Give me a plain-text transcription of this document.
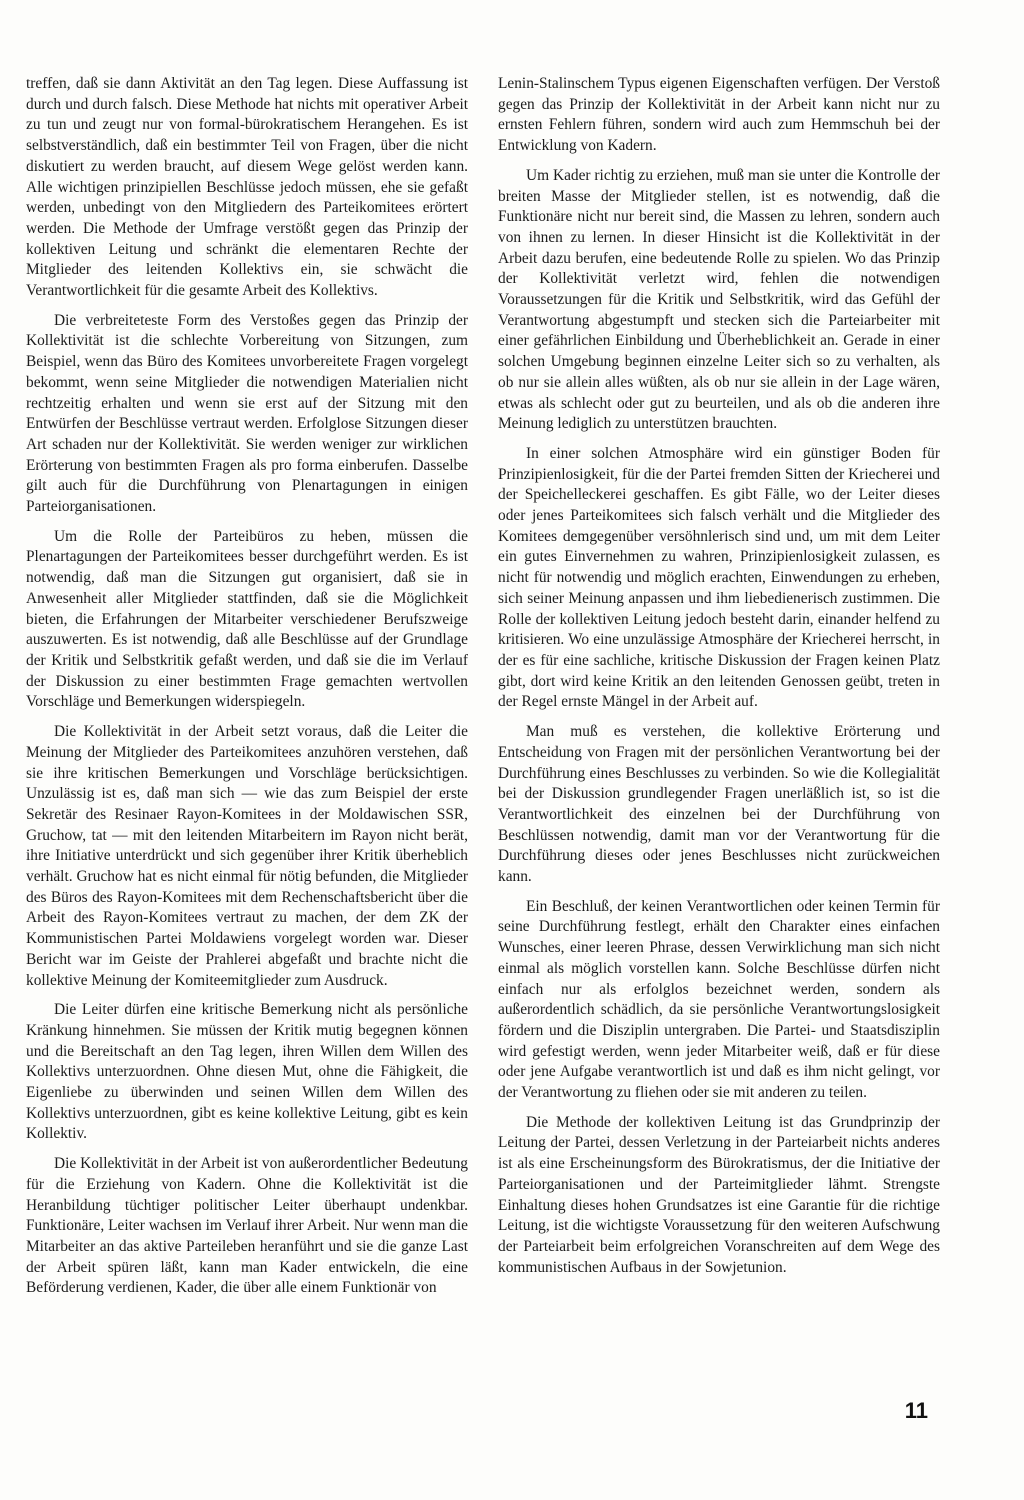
treffen, daß sie dann Aktivität an den Tag legen. Diese Auffassung ist durch und durch falsch. Diese Methode hat nichts mit operativer Arbeit zu tun und zeugt nur von formal-bürokratischem Herangehen. Es ist selbstverständlich, daß ein bestimmter Teil von Fragen, über die nicht diskutiert zu werden braucht, auf diesem Wege gelöst werden kann. Alle wichtigen prinzipiellen Beschlüsse jedoch müssen, ehe sie gefaßt werden, unbedingt von den Mitgliedern des Parteikomitees erörtert werden. Die Methode der Umfrage verstößt gegen das Prinzip der kollektiven Leitung und schränkt die elementaren Rechte der Mitglieder des leitenden Kollektivs ein, sie schwächt die Verantwortlichkeit für die gesamte Arbeit des Kollektivs.

Die verbreiteteste Form des Verstoßes gegen das Prinzip der Kollektivität ist die schlechte Vorbereitung von Sitzungen, zum Beispiel, wenn das Büro des Komitees unvorbereitete Fragen vorgelegt bekommt, wenn seine Mitglieder die notwendigen Materialien nicht rechtzeitig erhalten und wenn sie erst auf der Sitzung mit den Entwürfen der Beschlüsse vertraut werden. Erfolglose Sitzungen dieser Art schaden nur der Kollektivität. Sie werden weniger zur wirklichen Erörterung von bestimmten Fragen als pro forma einberufen. Dasselbe gilt auch für die Durchführung von Plenartagungen in einigen Parteiorganisationen.

Um die Rolle der Parteibüros zu heben, müssen die Plenartagungen der Parteikomitees besser durchgeführt werden. Es ist notwendig, daß man die Sitzungen gut organisiert, daß sie in Anwesenheit aller Mitglieder stattfinden, daß sie die Möglichkeit bieten, die Erfahrungen der Mitarbeiter verschiedener Berufszweige auszuwerten. Es ist notwendig, daß alle Beschlüsse auf der Grundlage der Kritik und Selbstkritik gefaßt werden, und daß sie die im Verlauf der Diskussion zu einer bestimmten Frage gemachten wertvollen Vorschläge und Bemerkungen widerspiegeln.

Die Kollektivität in der Arbeit setzt voraus, daß die Leiter die Meinung der Mitglieder des Parteikomitees anzuhören verstehen, daß sie ihre kritischen Bemerkungen und Vorschläge berücksichtigen. Unzulässig ist es, daß man sich — wie das zum Beispiel der erste Sekretär des Resinaer Rayon-Komitees in der Moldawischen SSR, Gruchow, tat — mit den leitenden Mitarbeitern im Rayon nicht berät, ihre Initiative unterdrückt und sich gegenüber ihrer Kritik überheblich verhält. Gruchow hat es nicht einmal für nötig befunden, die Mitglieder des Büros des Rayon-Komitees mit dem Rechenschaftsbericht über die Arbeit des Rayon-Komitees vertraut zu machen, der dem ZK der Kommunistischen Partei Moldawiens vorgelegt worden war. Dieser Bericht war im Geiste der Prahlerei abgefaßt und brachte nicht die kollektive Meinung der Komiteemitglieder zum Ausdruck.

Die Leiter dürfen eine kritische Bemerkung nicht als persönliche Kränkung hinnehmen. Sie müssen der Kritik mutig begegnen können und die Bereitschaft an den Tag legen, ihren Willen dem Willen des Kollektivs unterzuordnen. Ohne diesen Mut, ohne die Fähigkeit, die Eigenliebe zu überwinden und seinen Willen dem Willen des Kollektivs unterzuordnen, gibt es keine kollektive Leitung, gibt es kein Kollektiv.

Die Kollektivität in der Arbeit ist von außerordentlicher Bedeutung für die Erziehung von Kadern. Ohne die Kollektivität ist die Heranbildung tüchtiger politischer Leiter überhaupt undenkbar. Funktionäre, Leiter wachsen im Verlauf ihrer Arbeit. Nur wenn man die Mitarbeiter an das aktive Parteileben heranführt und sie die ganze Last der Arbeit spüren läßt, kann man Kader entwickeln, die eine Beförderung verdienen, Kader, die über alle einem Funktionär von

Lenin-Stalinschem Typus eigenen Eigenschaften verfügen. Der Verstoß gegen das Prinzip der Kollektivität in der Arbeit kann nicht nur zu ernsten Fehlern führen, sondern wird auch zum Hemmschuh bei der Entwicklung von Kadern.

Um Kader richtig zu erziehen, muß man sie unter die Kontrolle der breiten Masse der Mitglieder stellen, ist es notwendig, daß die Funktionäre nicht nur bereit sind, die Massen zu lehren, sondern auch von ihnen zu lernen. In dieser Hinsicht ist die Kollektivität in der Arbeit dazu berufen, eine bedeutende Rolle zu spielen. Wo das Prinzip der Kollektivität verletzt wird, fehlen die notwendigen Voraussetzungen für die Kritik und Selbstkritik, wird das Gefühl der Verantwortung abgestumpft und stecken sich die Parteiarbeiter mit einer gefährlichen Einbildung und Überheblichkeit an. Gerade in einer solchen Umgebung beginnen einzelne Leiter sich so zu verhalten, als ob nur sie allein alles wüßten, als ob nur sie allein in der Lage wären, etwas als schlecht oder gut zu beurteilen, und als ob die anderen ihre Meinung lediglich zu unterstützen brauchten.

In einer solchen Atmosphäre wird ein günstiger Boden für Prinzipienlosigkeit, für die der Partei fremden Sitten der Kriecherei und der Speichelleckerei geschaffen. Es gibt Fälle, wo der Leiter dieses oder jenes Parteikomitees sich falsch verhält und die Mitglieder des Komitees demgegenüber versöhnlerisch sind und, um mit dem Leiter ein gutes Einvernehmen zu wahren, Prinzipienlosigkeit zulassen, es nicht für notwendig und möglich erachten, Einwendungen zu erheben, sich seiner Meinung anpassen und ihm liebedienerisch zustimmen. Die Rolle der kollektiven Leitung jedoch besteht darin, einander helfend zu kritisieren. Wo eine unzulässige Atmosphäre der Kriecherei herrscht, in der es für eine sachliche, kritische Diskussion der Fragen keinen Platz gibt, dort wird keine Kritik an den leitenden Genossen geübt, treten in der Regel ernste Mängel in der Arbeit auf.

Man muß es verstehen, die kollektive Erörterung und Entscheidung von Fragen mit der persönlichen Verantwortung bei der Durchführung eines Beschlusses zu verbinden. So wie die Kollegialität bei der Diskussion grundlegender Fragen unerläßlich ist, so ist die Verantwortlichkeit des einzelnen bei der Durchführung von Beschlüssen notwendig, damit man vor der Verantwortung für die Durchführung dieses oder jenes Beschlusses nicht zurückweichen kann.

Ein Beschluß, der keinen Verantwortlichen oder keinen Termin für seine Durchführung festlegt, erhält den Charakter eines einfachen Wunsches, einer leeren Phrase, dessen Verwirklichung man sich nicht einmal als möglich vorstellen kann. Solche Beschlüsse dürfen nicht einfach nur als erfolglos bezeichnet werden, sondern als außerordentlich schädlich, da sie persönliche Verantwortungslosigkeit fördern und die Disziplin untergraben. Die Partei- und Staatsdisziplin wird gefestigt werden, wenn jeder Mitarbeiter weiß, daß er für diese oder jene Aufgabe verantwortlich ist und daß es ihm nicht gelingt, vor der Verantwortung zu fliehen oder sie mit anderen zu teilen.

Die Methode der kollektiven Leitung ist das Grundprinzip der Leitung der Partei, dessen Verletzung in der Parteiarbeit nichts anderes ist als eine Erscheinungsform des Bürokratismus, der die Initiative der Parteiorganisationen und der Parteimitglieder lähmt. Strengste Einhaltung dieses hohen Grundsatzes ist eine Garantie für die richtige Leitung, ist die wichtigste Voraussetzung für den weiteren Aufschwung der Parteiarbeit beim erfolgreichen Voranschreiten auf dem Wege des kommunistischen Aufbaus in der Sowjetunion.

11
